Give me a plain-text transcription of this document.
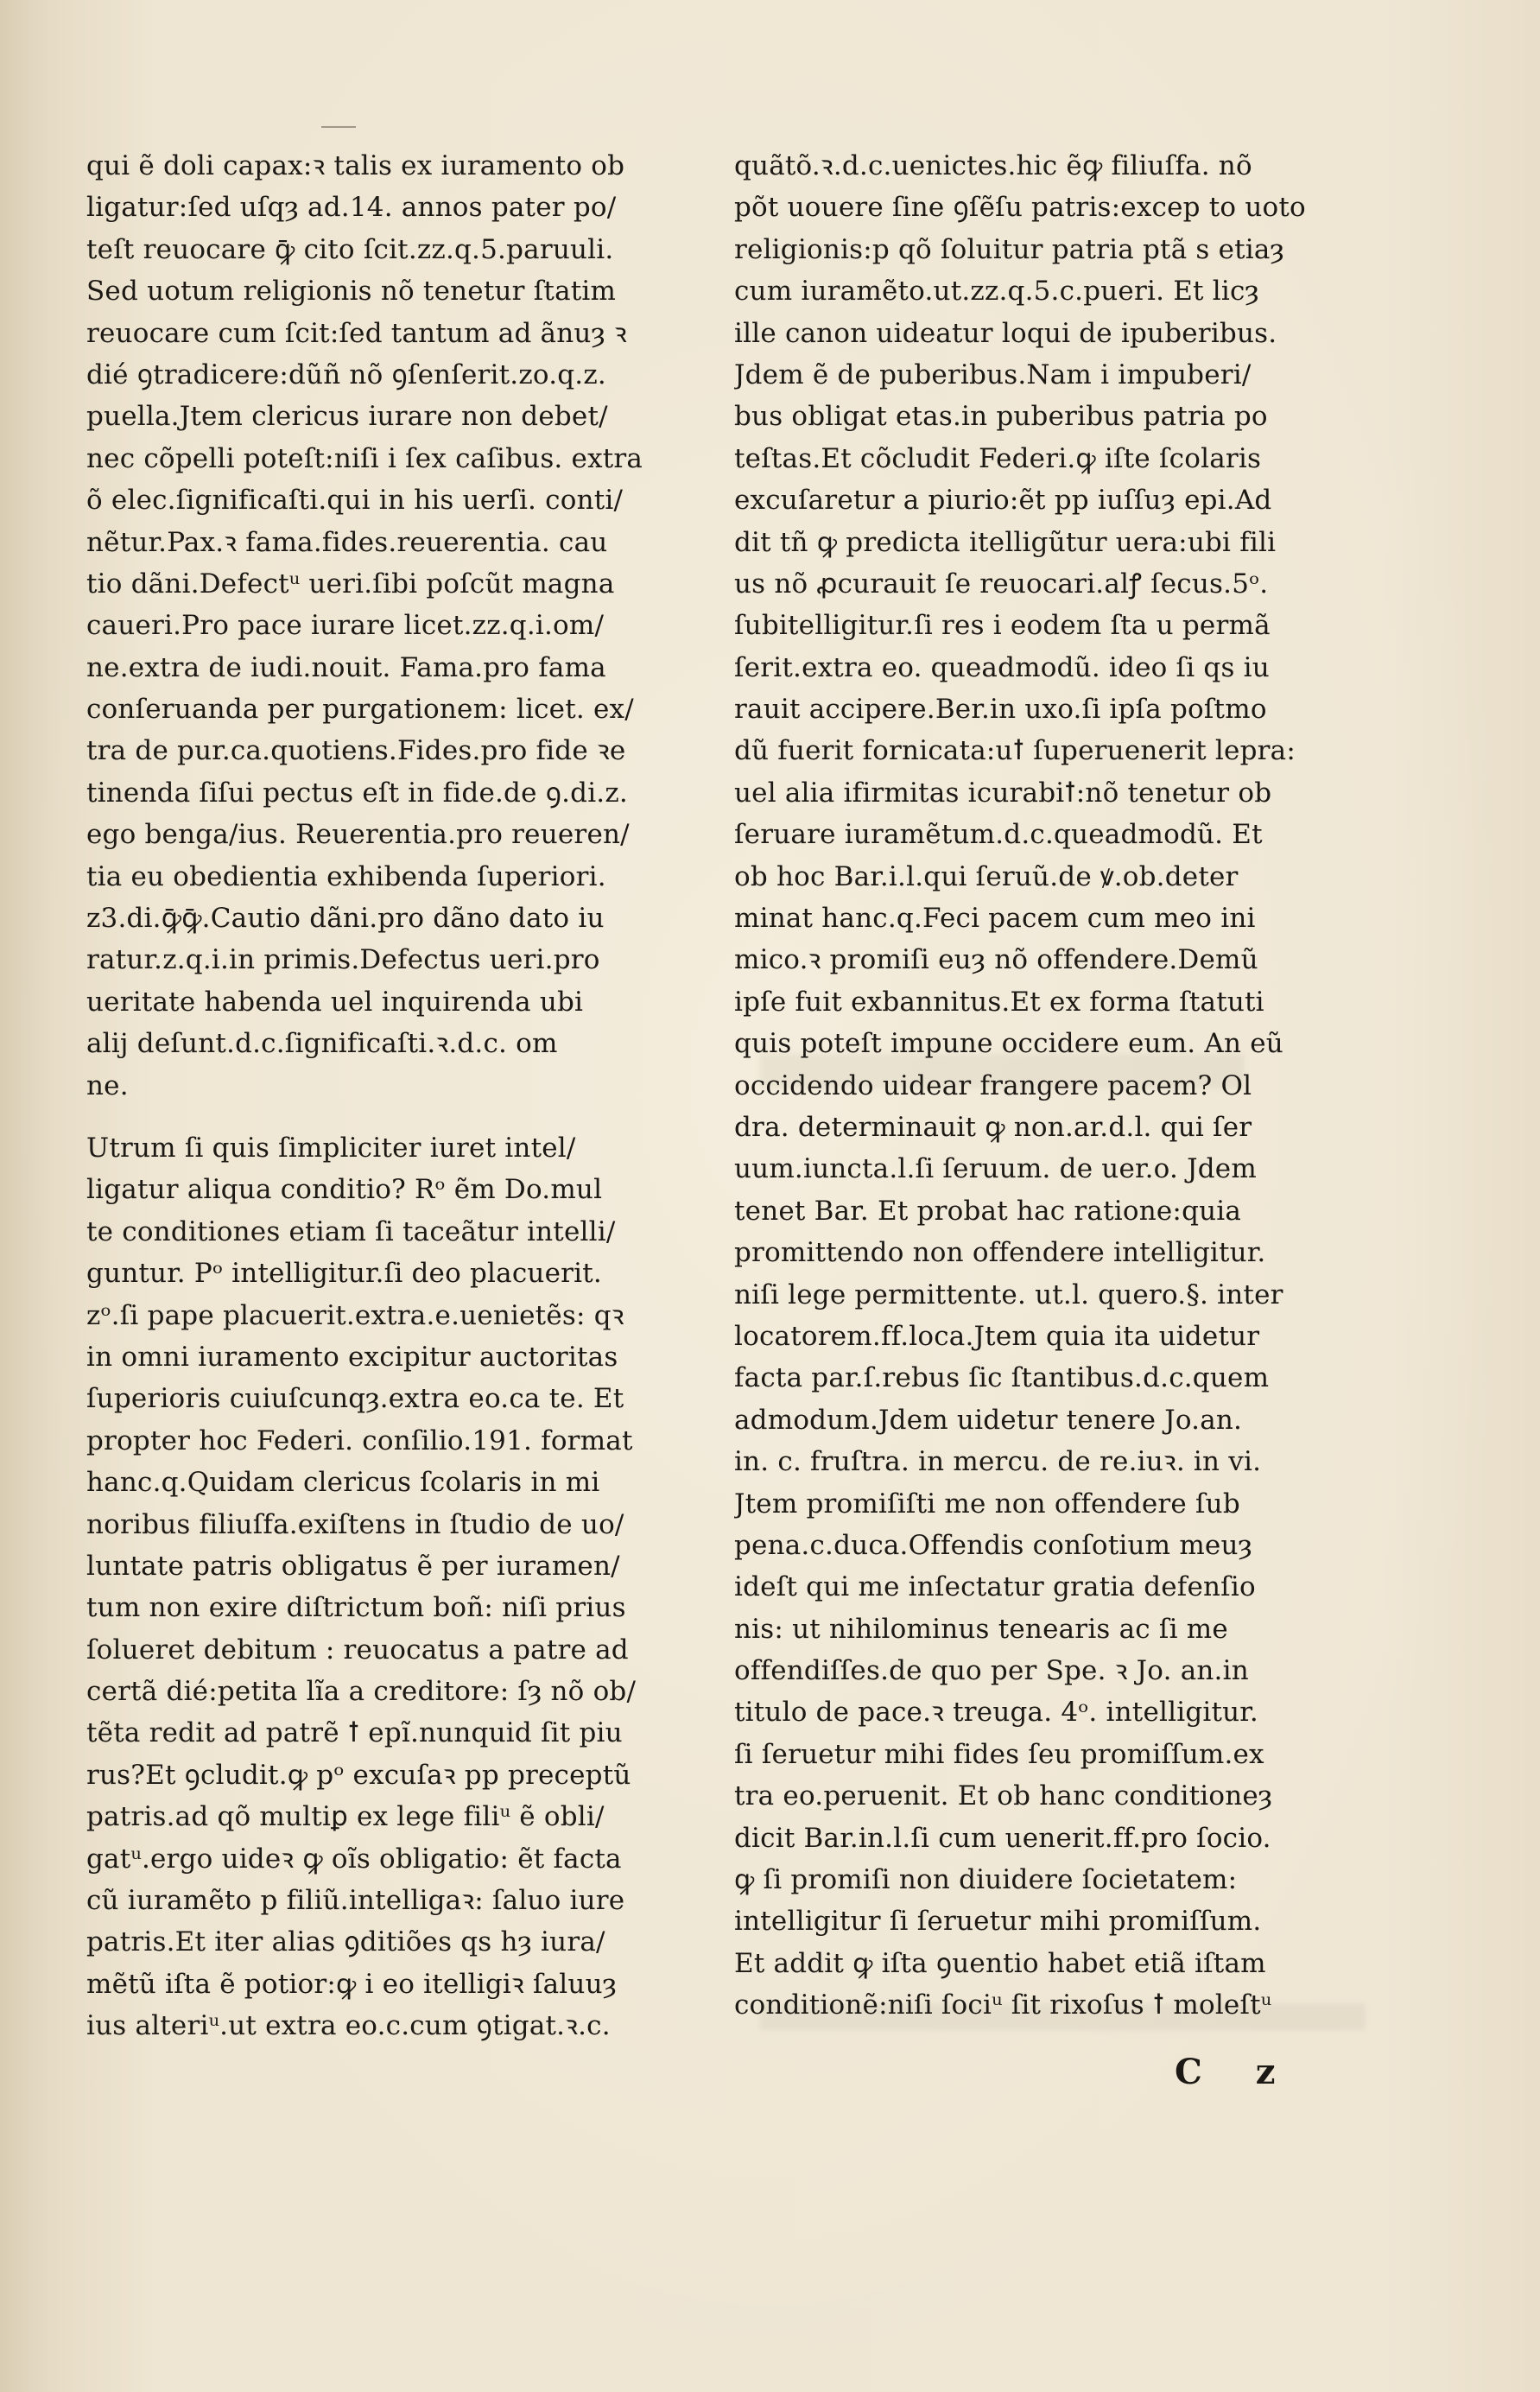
qui ẽ doli capax:ꝛ talis ex iuramento ob
ligatur:ſed uſqȝ ad.14. annos pater po/
teſt reuocare ꝙ̄ cito ſcit.zz.q.5.paruuli.
Sed uotum religionis nõ tenetur ſtatim
reuocare cum ſcit:ſed tantum ad ãnuȝ ꝛ
dié ꝯtradicere:dũñ nõ ꝯſenſerit.zo.q.z.
puella.Jtem clericus iurare non debet/
nec cõpelli poteſt:niſi i ſex caſibus. extra
õ elec.ſignificaſti.qui in his uerſi. conti/
nẽtur.Pax.ꝛ fama.fides.reuerentia. cau
tio dãni.Defectᵘ ueri.ſibi poſcũt magna
caueri.Pro pace iurare licet.zz.q.i.om/
ne.extra de iudi.nouit. Fama.pro fama
conſeruanda per purgationem: licet. ex/
tra de pur.ca.quotiens.Fides.pro fide ꝛe
tinenda ſiſui pectus eſt in fide.de ꝯ.di.z.
ego benga/ius. Reuerentia.pro reueren/
tia eu obedientia exhibenda ſuperiori.
z3.di.ꝙ̄ꝙ̄.Cautio dãni.pro dãno dato iu
ratur.z.q.i.in primis.Defectus ueri.pro
ueritate habenda uel inquirenda ubi
alij deſunt.d.c.ſignificaſti.ꝛ.d.c. om
ne.
Utrum ſi quis ſimpliciter iuret intel/
ligatur aliqua conditio? Rᵒ ẽm Do.mul
te conditiones etiam ſi taceãtur intelli/
guntur. Pᵒ intelligitur.ſi deo placuerit.
zᵒ.ſi pape placuerit.extra.e.uenietẽs: qꝛ
in omni iuramento excipitur auctoritas
ſuperioris cuiuſcunqȝ.extra eo.ca te. Et
propter hoc Federi. conſilio.191. format
hanc.q.Quidam clericus ſcolaris in mi
noribus filiuſfa.exiſtens in ſtudio de uo/
luntate patris obligatus ẽ per iuramen/
tum non exire diſtrictum boñ: niſi prius
ſolueret debitum : reuocatus a patre ad
certã dié:petita lĩa a creditore: ſȝ nõ ob/
tẽta redit ad patrẽ ꝉ epĩ.nunquid ſit piu
rus?Et ꝯcludit.ꝙ pᵒ excuſaꝛ pp preceptũ
patris.ad qõ multiꝑ ex lege filiᵘ ẽ obli/
gatᵘ.ergo uideꝛ ꝙ oĩs obligatio: ẽt facta
cũ iuramẽto p filiũ.intelligaꝛ: ſaluo iure
patris.Et iter alias ꝯditiões qs hȝ iura/
mẽtũ iſta ẽ potior:ꝙ i eo itelligiꝛ ſaluuȝ
ius alteriᵘ.ut extra eo.c.cum ꝯtigat.ꝛ.c.
quãtõ.ꝛ.d.c.uenictes.hic ẽꝙ filiuſfa. nõ
põt uouere ſine ꝯſẽſu patris:excep to uoto
religionis:p qõ ſoluitur patria ptã s etiaȝ
cum iuramẽto.ut.zz.q.5.c.pueri. Et licȝ
ille canon uideatur loqui de ipuberibus.
Jdem ẽ de puberibus.Nam i impuberi/
bus obligat etas.in puberibus patria po
teſtas.Et cõcludit Federi.ꝙ iſte ſcolaris
excuſaretur a piurio:ẽt pp iuſſuȝ epi.Ad
dit tñ ꝙ predicta itelligũtur uera:ubi fili
us nõ ꝓcurauit ſe reuocari.alꝭ ſecus.5ᵒ.
ſubitelligitur.ſi res i eodem ſta u permã
ſerit.extra eo. queadmodũ. ideo ſi qs iu
rauit accipere.Ber.in uxo.ſi ipſa poſtmo
dũ fuerit fornicata:uꝉ ſuperuenerit lepra:
uel alia ifirmitas icurabiꝉ:nõ tenetur ob
ſeruare iuramẽtum.d.c.queadmodũ. Et
ob hoc Bar.i.l.qui ſeruũ.de ꝟ.ob.deter
minat hanc.q.Feci pacem cum meo ini
mico.ꝛ promiſi euȝ nõ offendere.Demũ
ipſe fuit exbannitus.Et ex forma ſtatuti
quis poteſt impune occidere eum. An eũ
occidendo uidear frangere pacem? Ol
dra. determinauit ꝙ non.ar.d.l. qui ſer
uum.iuncta.l.ſi ſeruum. de uer.o. Jdem
tenet Bar. Et probat hac ratione:quia
promittendo non offendere intelligitur.
niſi lege permittente. ut.l. quero.§. inter
locatorem.ff.loca.Jtem quia ita uidetur
facta par.ſ.rebus ſic ſtantibus.d.c.quem
admodum.Jdem uidetur tenere Jo.an.
in. c. fruſtra. in mercu. de re.iuꝛ. in vi.
Jtem promiſiſti me non offendere ſub
pena.c.duca.Offendis conſotium meuȝ
ideſt qui me inſectatur gratia defenſio
nis: ut nihilominus tenearis ac ſi me
offendiſſes.de quo per Spe. ꝛ Jo. an.in
titulo de pace.ꝛ treuga. 4ᵒ. intelligitur.
ſi ſeruetur mihi fides ſeu promiſſum.ex
tra eo.peruenit. Et ob hanc conditioneȝ
dicit Bar.in.l.ſi cum uenerit.ff.pro ſocio.
ꝙ ſi promiſi non diuidere ſocietatem:
intelligitur ſi ſeruetur mihi promiſſum.
Et addit ꝙ iſta ꝯuentio habet etiã iſtam
conditionẽ:niſi ſociᵘ ſit rixoſus ꝉ moleſtᵘ
C z
